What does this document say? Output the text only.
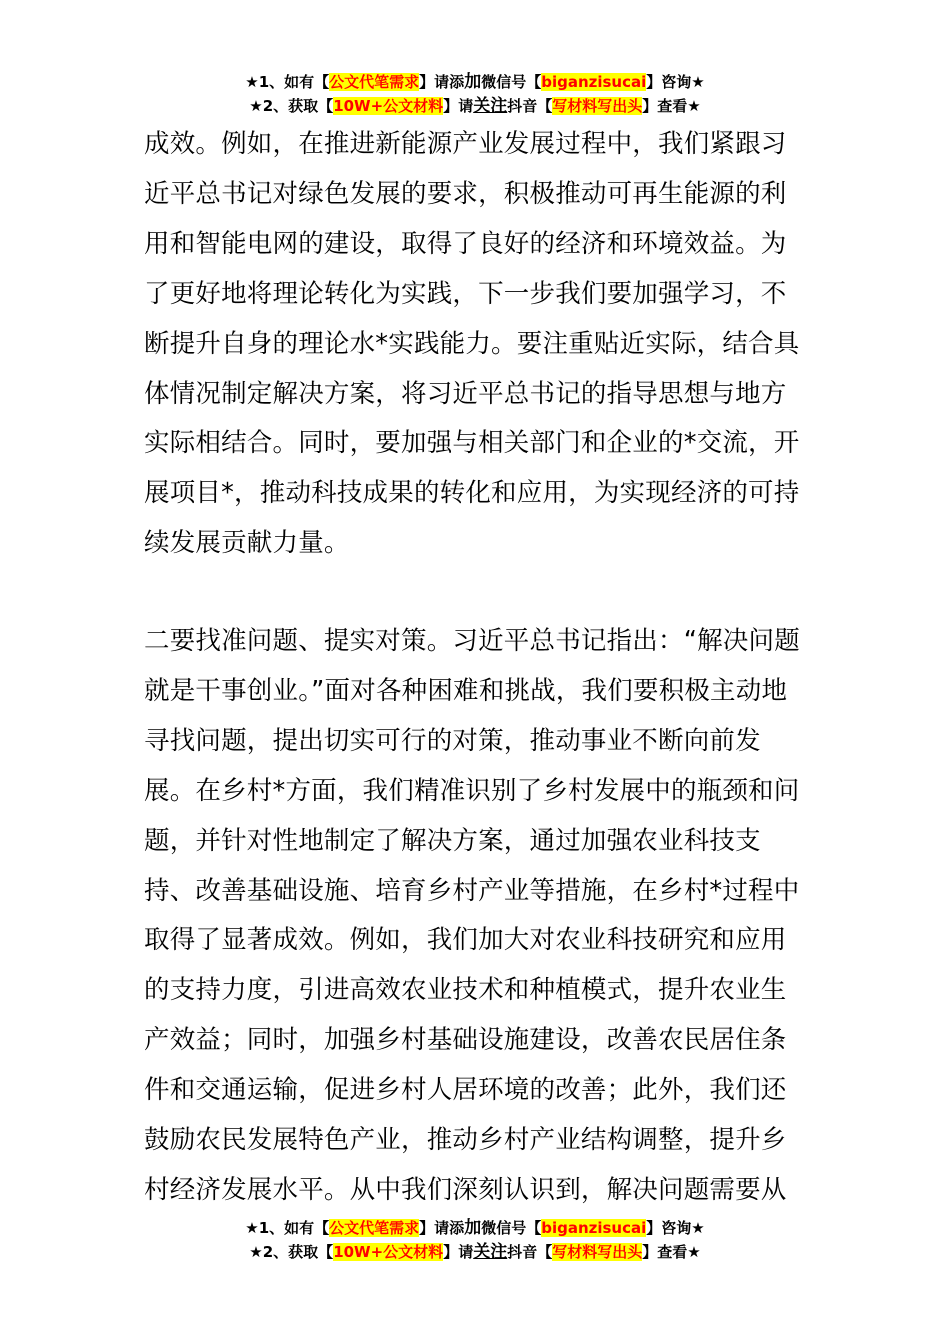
★1、如有【公文代笔需求】请添加微信号【biganzisucai】咨询★
★2、获取【10W+公文材料】请关注抖音【写材料写出头】查看★

成效。例如，在推进新能源产业发展过程中，我们紧跟习近平总书记对绿色发展的要求，积极推动可再生能源的利用和智能电网的建设，取得了良好的经济和环境效益。为了更好地将理论转化为实践，下一步我们要加强学习，不断提升自身的理论水*实践能力。要注重贴近实际，结合具体情况制定解决方案，将习近平总书记的指导思想与地方实际相结合。同时，要加强与相关部门和企业的*交流，开展项目*，推动科技成果的转化和应用，为实现经济的可持续发展贡献力量。

二要找准问题、提实对策。习近平总书记指出：“解决问题就是干事创业。”面对各种困难和挑战，我们要积极主动地寻找问题，提出切实可行的对策，推动事业不断向前发展。在乡村*方面，我们精准识别了乡村发展中的瓶颈和问题，并针对性地制定了解决方案，通过加强农业科技支持、改善基础设施、培育乡村产业等措施，在乡村*过程中取得了显著成效。例如，我们加大对农业科技研究和应用的支持力度，引进高效农业技术和种植模式，提升农业生产效益；同时，加强乡村基础设施建设，改善农民居住条件和交通运输，促进乡村人居环境的改善；此外，我们还鼓励农民发展特色产业，推动乡村产业结构调整，提升乡村经济发展水平。从中我们深刻认识到，解决问题需要从

★1、如有【公文代笔需求】请添加微信号【biganzisucai】咨询★
★2、获取【10W+公文材料】请关注抖音【写材料写出头】查看★
